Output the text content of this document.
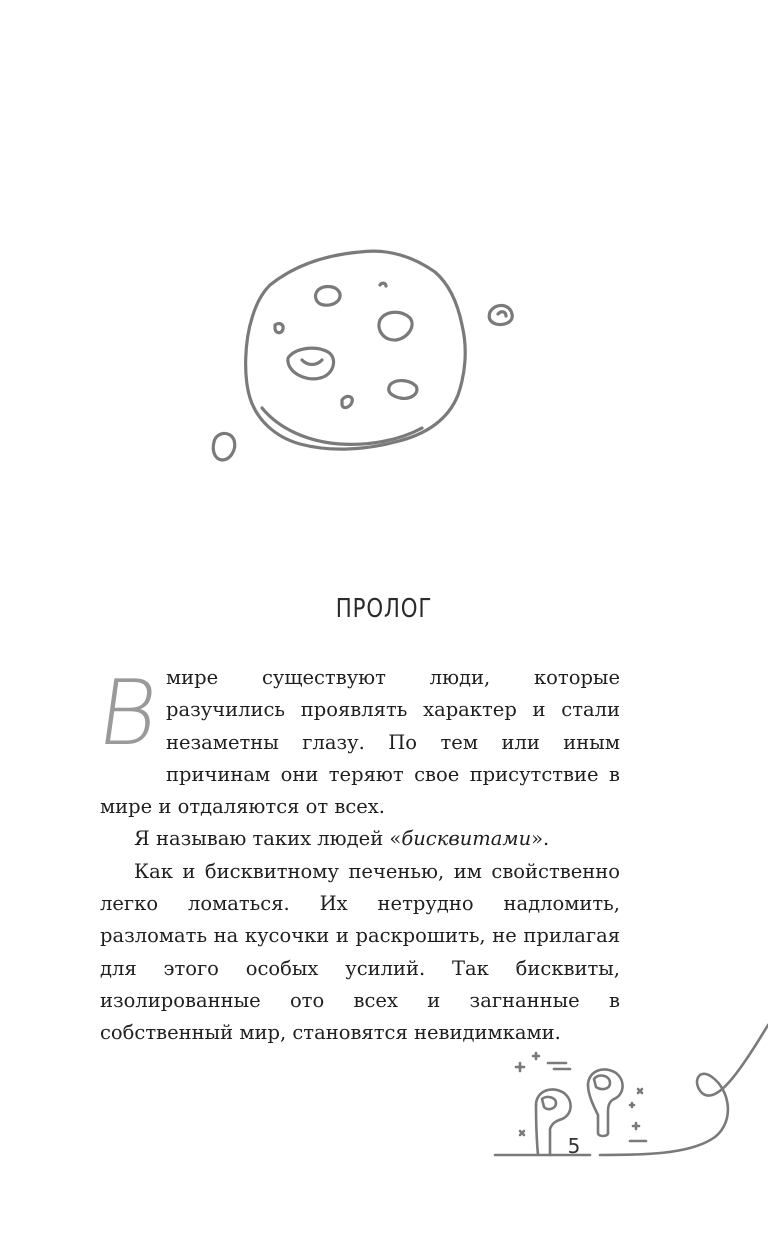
ПРОЛОГ

Вмире существуют люди, которые разучились проявлять характер и стали незаметны глазу. По тем или иным причинам они теряют свое присутствие в мире и отдаляются от всех.

Я называю таких людей «бисквитами».

Как и бисквитному печенью, им свойственно легко ломаться. Их нетрудно надломить, разломать на кусочки и раскрошить, не прилагая для этого особых усилий. Так бисквиты, изолированные ото всех и загнанные в собственный мир, становятся невидимками.

5
